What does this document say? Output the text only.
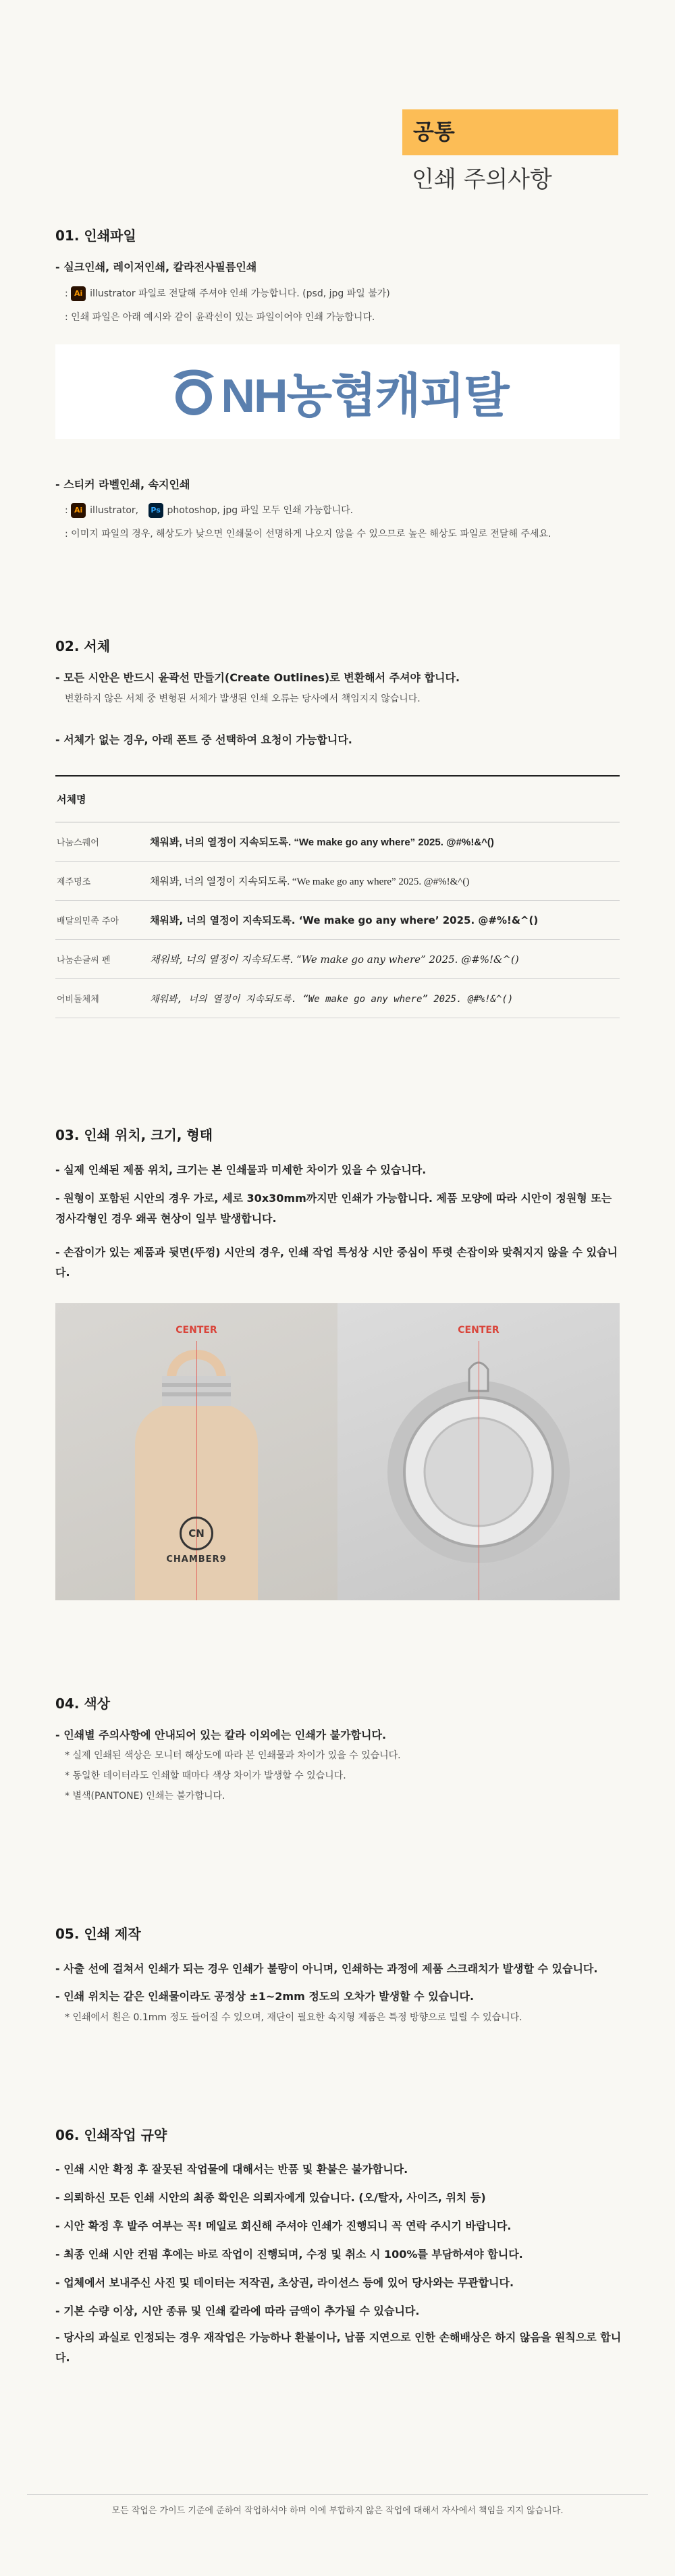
공통
인쇄 주의사항
01. 인쇄파일
- 실크인쇄, 레이저인쇄, 칼라전사필름인쇄
: Ai illustrator 파일로 전달해 주셔야 인쇄 가능합니다. (psd, jpg 파일 불가)
: 인쇄 파일은 아래 예시와 같이 윤곽선이 있는 파일이어야 인쇄 가능합니다.
NH농협캐피탈
- 스티커 라벨인쇄, 속지인쇄
: Ai illustrator, Ps photoshop, jpg 파일 모두 인쇄 가능합니다.
: 이미지 파일의 경우, 해상도가 낮으면 인쇄물이 선명하게 나오지 않을 수 있으므로 높은 해상도 파일로 전달해 주세요.
02. 서체
- 모든 시안은 반드시 윤곽선 만들기(Create Outlines)로 변환해서 주셔야 합니다.
변환하지 않은 서체 중 변형된 서체가 발생된 인쇄 오류는 당사에서 책임지지 않습니다.
- 서체가 없는 경우, 아래 폰트 중 선택하여 요청이 가능합니다.
서체명
나눔스퀘어	채워봐, 너의 열정이 지속되도록. “We make go any where” 2025. @#%!&^()
제주명조	채워봐, 너의 열정이 지속되도록. “We make go any where” 2025. @#%!&^()
배달의민족 주아	채워봐, 너의 열정이 지속되도록. ‘We make go any where’ 2025. @#%!&^()
나눔손글씨 펜	채워봐, 너의 열정이 지속되도록. “We make go any where” 2025. @#%!&^()
어비돌체체	채워봐, 너의 열정이 지속되도록. “We make go any where” 2025. @#%!&^()
03. 인쇄 위치, 크기, 형태
- 실제 인쇄된 제품 위치, 크기는 본 인쇄물과 미세한 차이가 있을 수 있습니다.
- 원형이 포함된 시안의 경우 가로, 세로 30x30mm까지만 인쇄가 가능합니다. 제품 모양에 따라 시안이 정원형 또는 정사각형인 경우 왜곡 현상이 일부 발생합니다.
- 손잡이가 있는 제품과 뒷면(뚜껑) 시안의 경우, 인쇄 작업 특성상 시안 중심이 뚜렷 손잡이와 맞춰지지 않을 수 있습니다.
CENTER
CN
CHAMBER9
CENTER
04. 색상
- 인쇄별 주의사항에 안내되어 있는 칼라 이외에는 인쇄가 불가합니다.
* 실제 인쇄된 색상은 모니터 해상도에 따라 본 인쇄물과 차이가 있을 수 있습니다.
* 동일한 데이터라도 인쇄할 때마다 색상 차이가 발생할 수 있습니다.
* 별색(PANTONE) 인쇄는 불가합니다.
05. 인쇄 제작
- 사출 선에 걸쳐서 인쇄가 되는 경우 인쇄가 불량이 아니며, 인쇄하는 과정에 제품 스크래치가 발생할 수 있습니다.
- 인쇄 위치는 같은 인쇄물이라도 공정상 ±1~2mm 정도의 오차가 발생할 수 있습니다.
* 인쇄에서 흰은 0.1mm 정도 들어질 수 있으며, 재단이 필요한 속지형 제품은 특정 방향으로 밀릴 수 있습니다.
06. 인쇄작업 규약
- 인쇄 시안 확정 후 잘못된 작업물에 대해서는 반품 및 환불은 불가합니다.
- 의뢰하신 모든 인쇄 시안의 최종 확인은 의뢰자에게 있습니다. (오/탈자, 사이즈, 위치 등)
- 시안 확정 후 발주 여부는 꼭! 메일로 회신해 주셔야 인쇄가 진행되니 꼭 연락 주시기 바랍니다.
- 최종 인쇄 시안 컨펌 후에는 바로 작업이 진행되며, 수정 및 취소 시 100%를 부담하셔야 합니다.
- 업체에서 보내주신 사진 및 데이터는 저작권, 초상권, 라이선스 등에 있어 당사와는 무관합니다.
- 기본 수량 이상, 시안 종류 및 인쇄 칼라에 따라 금액이 추가될 수 있습니다.
- 당사의 과실로 인정되는 경우 재작업은 가능하나 환불이나, 납품 지연으로 인한 손해배상은 하지 않음을 원칙으로 합니다.
모든 작업은 가이드 기준에 준하여 작업하셔야 하며 이에 부합하지 않은 작업에 대해서 자사에서 책임을 지지 않습니다.
